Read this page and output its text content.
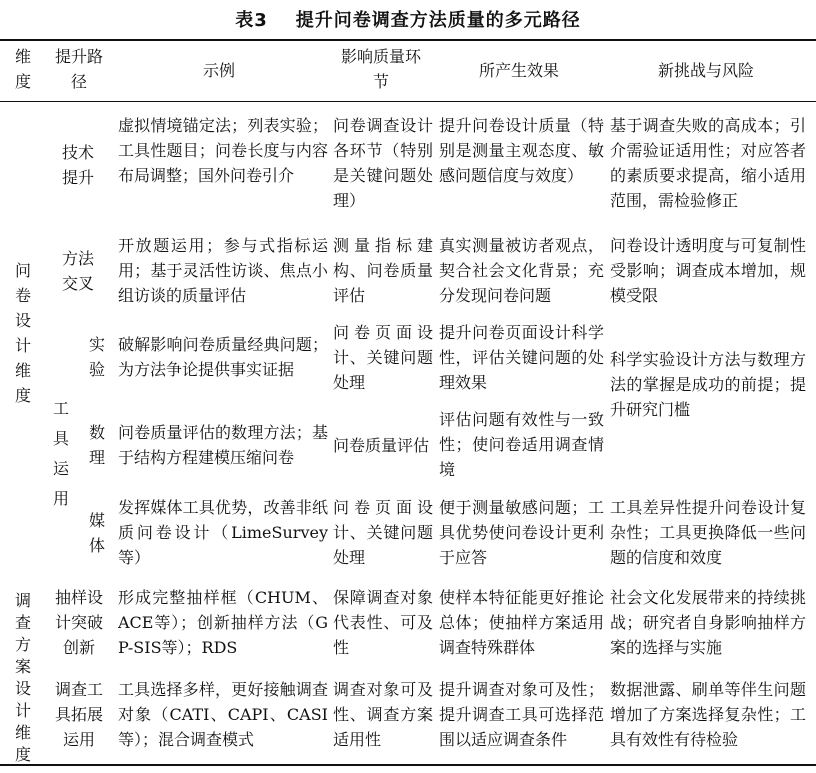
表3 提升问卷调查方法质量的多元路径
维度
提升路径
示例
影响质量环节
所产生效果	新挑战与风险
问卷设计维度
调查方案设计维度
工具运用
技术提升
虚拟情境锚定法；列表实验；工具性题目；问卷长度与内容布局调整；国外问卷引介
问卷调查设计各环节（特别是关键问题处理）
提升问卷设计质量（特别是测量主观态度、敏感问题信度与效度）
基于调查失败的高成本；引介需验证适用性；对应答者的素质要求提高，缩小适用范围，需检验修正
方法交叉
开放题运用；参与式指标运用；基于灵活性访谈、焦点小组访谈的质量评估
测量指标建构、问卷质量评估
真实测量被访者观点，契合社会文化背景；充分发现问卷问题
问卷设计透明度与可复制性受影响；调查成本增加，规模受限
实验
破解影响问卷质量经典问题；为方法争论提供事实证据
问卷页面设计、关键问题处理
提升问卷页面设计科学性，评估关键问题的处理效果
数理
问卷质量评估的数理方法；基于结构方程建模压缩问卷
问卷质量评估
评估问题有效性与一致性；使问卷适用调查情境
科学实验设计方法与数理方法的掌握是成功的前提；提升研究门槛
媒体
发挥媒体工具优势，改善非纸质问卷设计（LimeSurvey等）
问卷页面设计、关键问题处理
便于测量敏感问题；工具优势使问卷设计更利于应答
工具差异性提升问卷设计复杂性；工具更换降低一些问题的信度和效度
抽样设计突破创新
形成完整抽样框（CHUM、ACE等）；创新抽样方法（GP-SIS等）；RDS
保障调查对象代表性、可及性
使样本特征能更好推论总体；使抽样方案适用调查特殊群体
社会文化发展带来的持续挑战；研究者自身影响抽样方案的选择与实施
调查工具拓展运用
工具选择多样，更好接触调查对象（CATI、CAPI、CASI等）；混合调查模式
调查对象可及性、调查方案适用性
提升调查对象可及性；提升调查工具可选择范围以适应调查条件
数据泄露、刷单等伴生问题增加了方案选择复杂性；工具有效性有待检验
